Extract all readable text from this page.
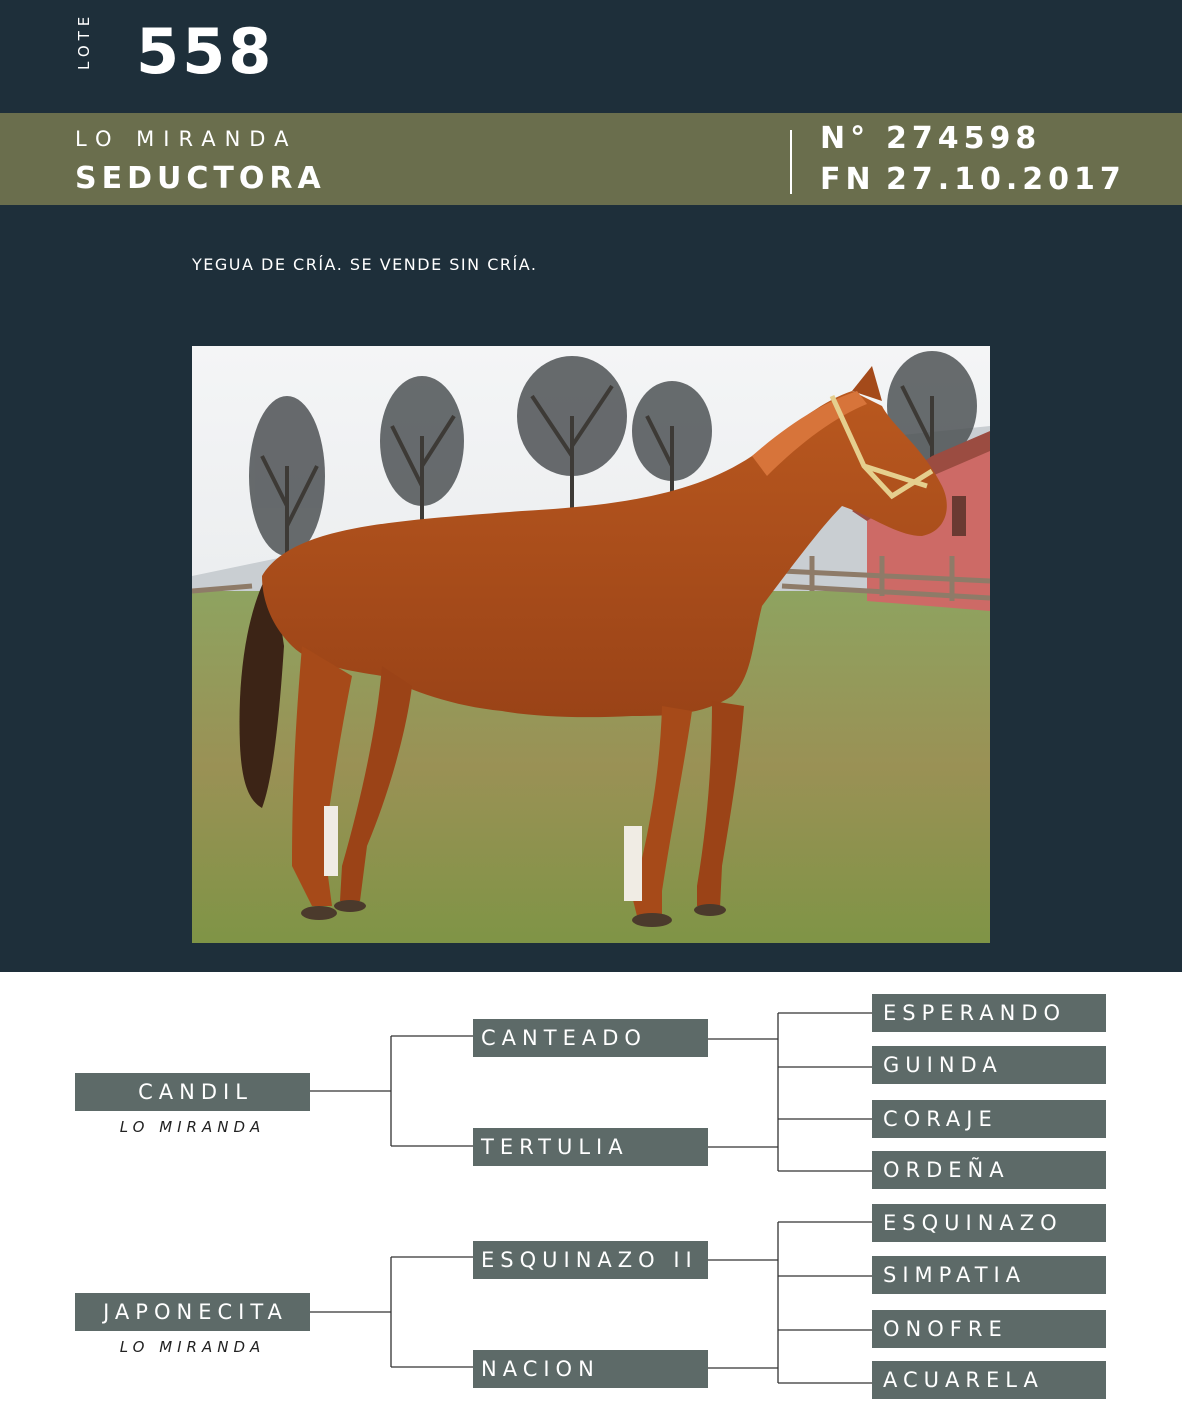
LOTE 558
LO MIRANDA
SEDUCTORA
N° 274598
FN 27.10.2017
YEGUA DE CRÍA. SE VENDE SIN CRÍA.
CANDIL
LO MIRANDA
JAPONECITA
LO MIRANDA
CANTEADO
TERTULIA
ESQUINAZO II
NACION
ESPERANDO
GUINDA
CORAJE
ORDEÑA
ESQUINAZO
SIMPATIA
ONOFRE
ACUARELA
